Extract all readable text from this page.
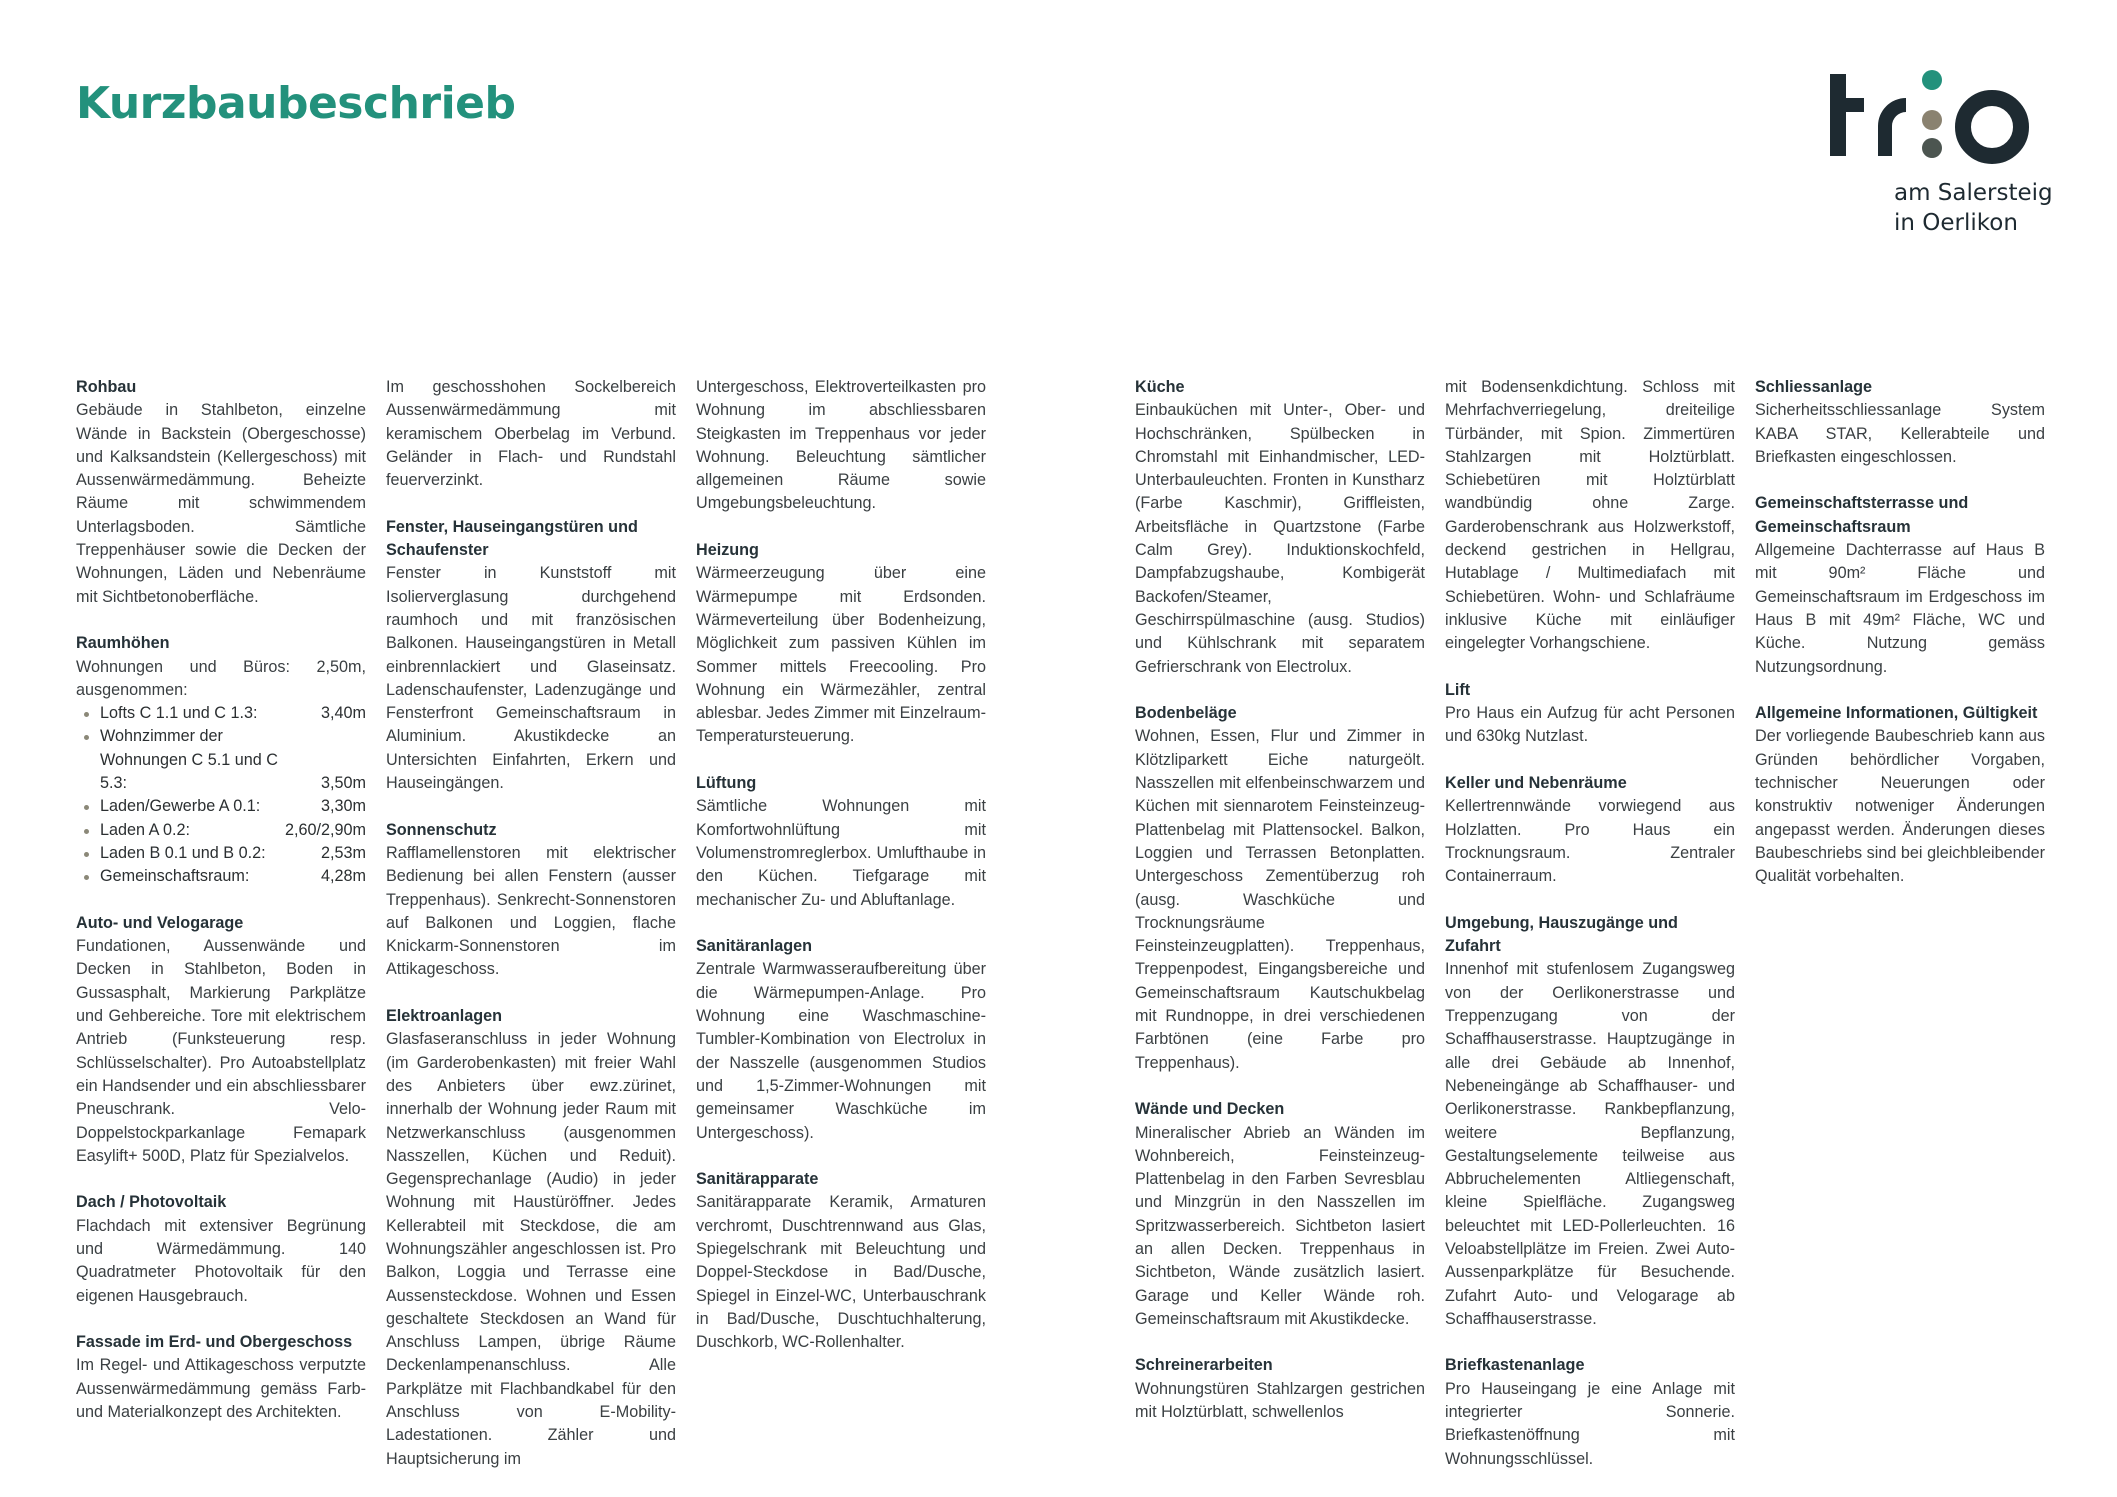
Kurzbaubeschrieb
am Salersteig
in Oerlikon
Rohbau
Gebäude in Stahlbeton, einzelne Wände in Backstein (Obergeschosse) und Kalksandstein (Kellergeschoss) mit Aussenwärmedämmung. Beheizte Räume mit schwimmendem Unterlagsboden. Sämtliche Treppenhäuser sowie die Decken der Wohnungen, Läden und Nebenräume mit Sichtbetonoberfläche.
Raumhöhen
Wohnungen und Büros: 2,50m, ausgenommen:
Lofts C 1.1 und C 1.3:	3,40m
Wohnzimmer der Wohnungen C 5.1 und C 5.3:	3,50m
Laden/Gewerbe A 0.1:	3,30m
Laden A 0.2:	2,60/2,90m
Laden B 0.1 und B 0.2:	2,53m
Gemeinschaftsraum:	4,28m
Auto- und Velogarage
Fundationen, Aussenwände und Decken in Stahlbeton, Boden in Gussasphalt, Markierung Parkplätze und Gehbereiche. Tore mit elektrischem Antrieb (Funksteuerung resp. Schlüsselschalter). Pro Autoabstellplatz ein Handsender und ein abschliessbarer Pneuschrank. Velo-Doppelstockparkanlage Femapark Easylift+ 500D, Platz für Spezialvelos.
Dach / Photovoltaik
Flachdach mit extensiver Begrünung und Wärmedämmung. 140 Quadratmeter Photovoltaik für den eigenen Hausgebrauch.
Fassade im Erd- und Obergeschoss
Im Regel- und Attikageschoss verputzte Aussenwärmedämmung gemäss Farb- und Materialkonzept des Architekten.
Im geschosshohen Sockelbereich Aussenwärmedämmung mit keramischem Oberbelag im Verbund. Geländer in Flach- und Rundstahl feuerverzinkt.
Fenster, Hauseingangstüren und Schaufenster
Fenster in Kunststoff mit Isolierverglasung durchgehend raumhoch und mit französischen Balkonen. Hauseingangstüren in Metall einbrennlackiert und Glaseinsatz. Ladenschaufenster, Ladenzugänge und Fensterfront Gemeinschaftsraum in Aluminium. Akustikdecke an Untersichten Einfahrten, Erkern und Hauseingängen.
Sonnenschutz
Rafflamellenstoren mit elektrischer Bedienung bei allen Fenstern (ausser Treppenhaus). Senkrecht-Sonnenstoren auf Balkonen und Loggien, flache Knickarm-Sonnenstoren im Attikageschoss.
Elektroanlagen
Glasfaseranschluss in jeder Wohnung (im Garderobenkasten) mit freier Wahl des Anbieters über ewz.zürinet, innerhalb der Wohnung jeder Raum mit Netzwerkanschluss (ausgenommen Nasszellen, Küchen und Reduit). Gegensprechanlage (Audio) in jeder Wohnung mit Haustüröffner. Jedes Kellerabteil mit Steckdose, die am Wohnungszähler angeschlossen ist. Pro Balkon, Loggia und Terrasse eine Aussensteckdose. Wohnen und Essen geschaltete Steckdosen an Wand für Anschluss Lampen, übrige Räume Deckenlampenanschluss. Alle Parkplätze mit Flachbandkabel für den Anschluss von E-Mobility-Ladestationen. Zähler und Hauptsicherung im
Untergeschoss, Elektroverteilkasten pro Wohnung im abschliessbaren Steigkasten im Treppenhaus vor jeder Wohnung. Beleuchtung sämtlicher allgemeinen Räume sowie Umgebungsbeleuchtung.
Heizung
Wärmeerzeugung über eine Wärmepumpe mit Erdsonden. Wärmeverteilung über Bodenheizung, Möglichkeit zum passiven Kühlen im Sommer mittels Freecooling. Pro Wohnung ein Wärmezähler, zentral ablesbar. Jedes Zimmer mit Einzelraum-Temperatursteuerung.
Lüftung
Sämtliche Wohnungen mit Komfortwohnlüftung mit Volumenstromreglerbox. Umlufthaube in den Küchen. Tiefgarage mit mechanischer Zu- und Abluftanlage.
Sanitäranlagen
Zentrale Warmwasseraufbereitung über die Wärmepumpen-Anlage. Pro Wohnung eine Waschmaschine-Tumbler-Kombination von Electrolux in der Nasszelle (ausgenommen Studios und 1,5-Zimmer-Wohnungen mit gemeinsamer Waschküche im Untergeschoss).
Sanitärapparate
Sanitärapparate Keramik, Armaturen verchromt, Duschtrennwand aus Glas, Spiegelschrank mit Beleuchtung und Doppel-Steckdose in Bad/Dusche, Spiegel in Einzel-WC, Unterbauschrank in Bad/Dusche, Duschtuchhalterung, Duschkorb, WC-Rollenhalter.
Küche
Einbauküchen mit Unter-, Ober- und Hochschränken, Spülbecken in Chromstahl mit Einhandmischer, LED-Unterbauleuchten. Fronten in Kunstharz (Farbe Kaschmir), Griffleisten, Arbeitsfläche in Quartzstone (Farbe Calm Grey). Induktionskochfeld, Dampfabzugshaube, Kombigerät Backofen/Steamer, Geschirrspülmaschine (ausg. Studios) und Kühlschrank mit separatem Gefrierschrank von Electrolux.
Bodenbeläge
Wohnen, Essen, Flur und Zimmer in Klötzliparkett Eiche naturgeölt. Nasszellen mit elfenbeinschwarzem und Küchen mit siennarotem Feinsteinzeug-Plattenbelag mit Plattensockel. Balkon, Loggien und Terrassen Betonplatten. Untergeschoss Zementüberzug roh (ausg. Waschküche und Trocknungsräume Feinsteinzeugplatten). Treppenhaus, Treppenpodest, Eingangsbereiche und Gemeinschaftsraum Kautschukbelag mit Rundnoppe, in drei verschiedenen Farbtönen (eine Farbe pro Treppenhaus).
Wände und Decken
Mineralischer Abrieb an Wänden im Wohnbereich, Feinsteinzeug-Plattenbelag in den Farben Sevresblau und Minzgrün in den Nasszellen im Spritzwasserbereich. Sichtbeton lasiert an allen Decken. Treppenhaus in Sichtbeton, Wände zusätzlich lasiert. Garage und Keller Wände roh. Gemeinschaftsraum mit Akustikdecke.
Schreinerarbeiten
Wohnungstüren Stahlzargen gestrichen mit Holztürblatt, schwellenlos
mit Bodensenkdichtung. Schloss mit Mehrfachverriegelung, dreiteilige Türbänder, mit Spion. Zimmertüren Stahlzargen mit Holztürblatt. Schiebetüren mit Holztürblatt wandbündig ohne Zarge. Garderobenschrank aus Holzwerkstoff, deckend gestrichen in Hellgrau, Hutablage / Multimediafach mit Schiebetüren. Wohn- und Schlafräume inklusive Küche mit einläufiger eingelegter Vorhangschiene.
Lift
Pro Haus ein Aufzug für acht Personen und 630kg Nutzlast.
Keller und Nebenräume
Kellertrennwände vorwiegend aus Holzlatten. Pro Haus ein Trocknungsraum. Zentraler Containerraum.
Umgebung, Hauszugänge und Zufahrt
Innenhof mit stufenlosem Zugangsweg von der Oerlikonerstrasse und Treppenzugang von der Schaffhauserstrasse. Hauptzugänge in alle drei Gebäude ab Innenhof, Nebeneingänge ab Schaffhauser- und Oerlikonerstrasse. Rankbepflanzung, weitere Bepflanzung, Gestaltungselemente teilweise aus Abbruchelementen Altliegenschaft, kleine Spielfläche. Zugangsweg beleuchtet mit LED-Pollerleuchten. 16 Veloabstellplätze im Freien. Zwei Auto-Aussenparkplätze für Besuchende. Zufahrt Auto- und Velogarage ab Schaffhauserstrasse.
Briefkastenanlage
Pro Hauseingang je eine Anlage mit integrierter Sonnerie. Briefkastenöffnung mit Wohnungsschlüssel.
Schliessanlage
Sicherheitsschliessanlage System KABA STAR, Kellerabteile und Briefkasten eingeschlossen.
Gemeinschaftsterrasse und Gemeinschaftsraum
Allgemeine Dachterrasse auf Haus B mit 90m² Fläche und Gemeinschaftsraum im Erdgeschoss im Haus B mit 49m² Fläche, WC und Küche. Nutzung gemäss Nutzungsordnung.
Allgemeine Informationen, Gültigkeit
Der vorliegende Baubeschrieb kann aus Gründen behördlicher Vorgaben, technischer Neuerungen oder konstruktiv notweniger Änderungen angepasst werden. Änderungen dieses Baubeschriebs sind bei gleichbleibender Qualität vorbehalten.
